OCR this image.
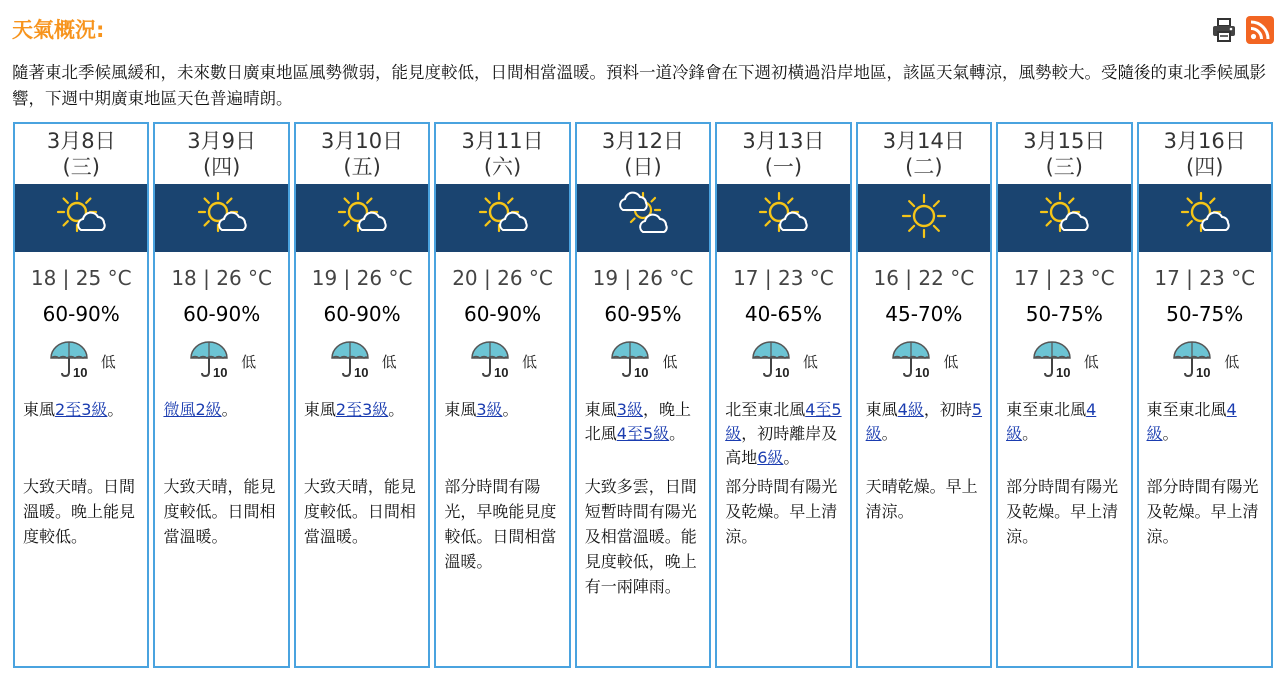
天氣概況:
隨著東北季候風緩和，未來數日廣東地區風勢微弱，能見度較低，日間相當溫暖。預料一道冷鋒會在下週初橫過沿岸地區，該區天氣轉涼，風勢較大。受隨後的東北季候風影響，下週中期廣東地區天色普遍晴朗。
3月8日
(三)
18 | 25 °C
60-90%
10
低
東風2至3級。
大致天晴。日間溫暖。晚上能見度較低。
3月9日
(四)
18 | 26 °C
60-90%
10
低
微風2級。
大致天晴，能見度較低。日間相當溫暖。
3月10日
(五)
19 | 26 °C
60-90%
10
低
東風2至3級。
大致天晴，能見度較低。日間相當溫暖。
3月11日
(六)
20 | 26 °C
60-90%
10
低
東風3級。
部分時間有陽光，早晚能見度較低。日間相當溫暖。
3月12日
(日)
19 | 26 °C
60-95%
10
低
東風3級，晚上北風4至5級。
大致多雲，日間短暫時間有陽光及相當溫暖。能見度較低，晚上有一兩陣雨。
3月13日
(一)
17 | 23 °C
40-65%
10
低
北至東北風4至5級，初時離岸及高地6級。
部分時間有陽光及乾燥。早上清涼。
3月14日
(二)
16 | 22 °C
45-70%
10
低
東風4級，初時5級。
天晴乾燥。早上清涼。
3月15日
(三)
17 | 23 °C
50-75%
10
低
東至東北風4級。
部分時間有陽光及乾燥。早上清涼。
3月16日
(四)
17 | 23 °C
50-75%
10
低
東至東北風4級。
部分時間有陽光及乾燥。早上清涼。
